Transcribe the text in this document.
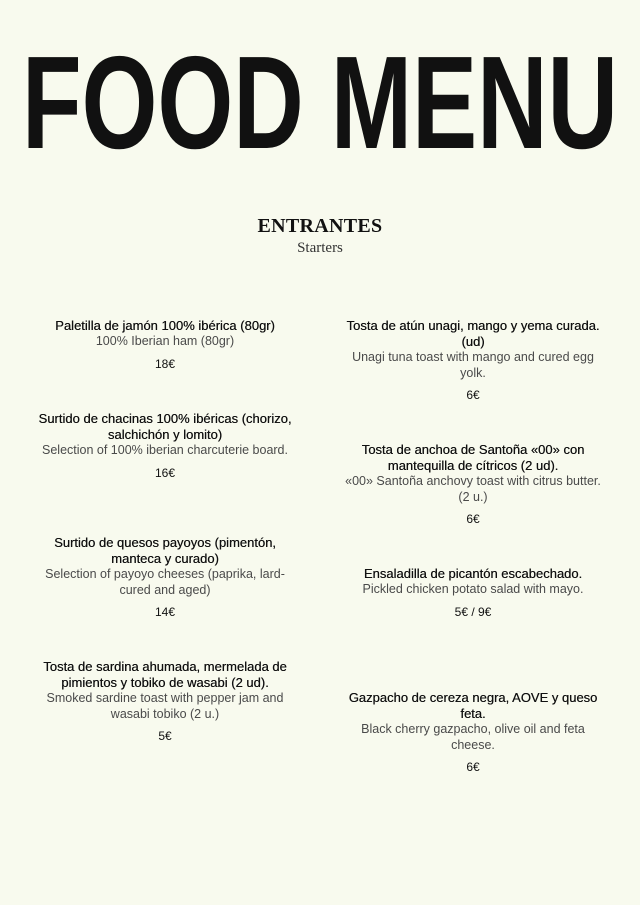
FOOD MENU
ENTRANTES
Starters
Paletilla de jamón 100% ibérica (80gr)
100% Iberian ham (80gr)
18€
Surtido de chacinas 100% ibéricas (chorizo, salchichón y lomito)
Selection of 100% iberian charcuterie board.
16€
Surtido de quesos payoyos (pimentón, manteca y curado)
Selection of payoyo cheeses (paprika, lard-cured and aged)
14€
Tosta de sardina ahumada, mermelada de pimientos y tobiko de wasabi (2 ud).
Smoked sardine toast with pepper jam and wasabi tobiko (2 u.)
5€
Tosta de atún unagi, mango y yema curada. (ud)
Unagi tuna toast with mango and cured egg yolk.
6€
Tosta de anchoa de Santoña «00» con mantequilla de cítricos (2 ud).
«00» Santoña anchovy toast with citrus butter. (2 u.)
6€
Ensaladilla de picantón escabechado.
Pickled chicken potato salad with mayo.
5€ / 9€
Gazpacho de cereza negra, AOVE y queso feta.
Black cherry gazpacho, olive oil and feta cheese.
6€
